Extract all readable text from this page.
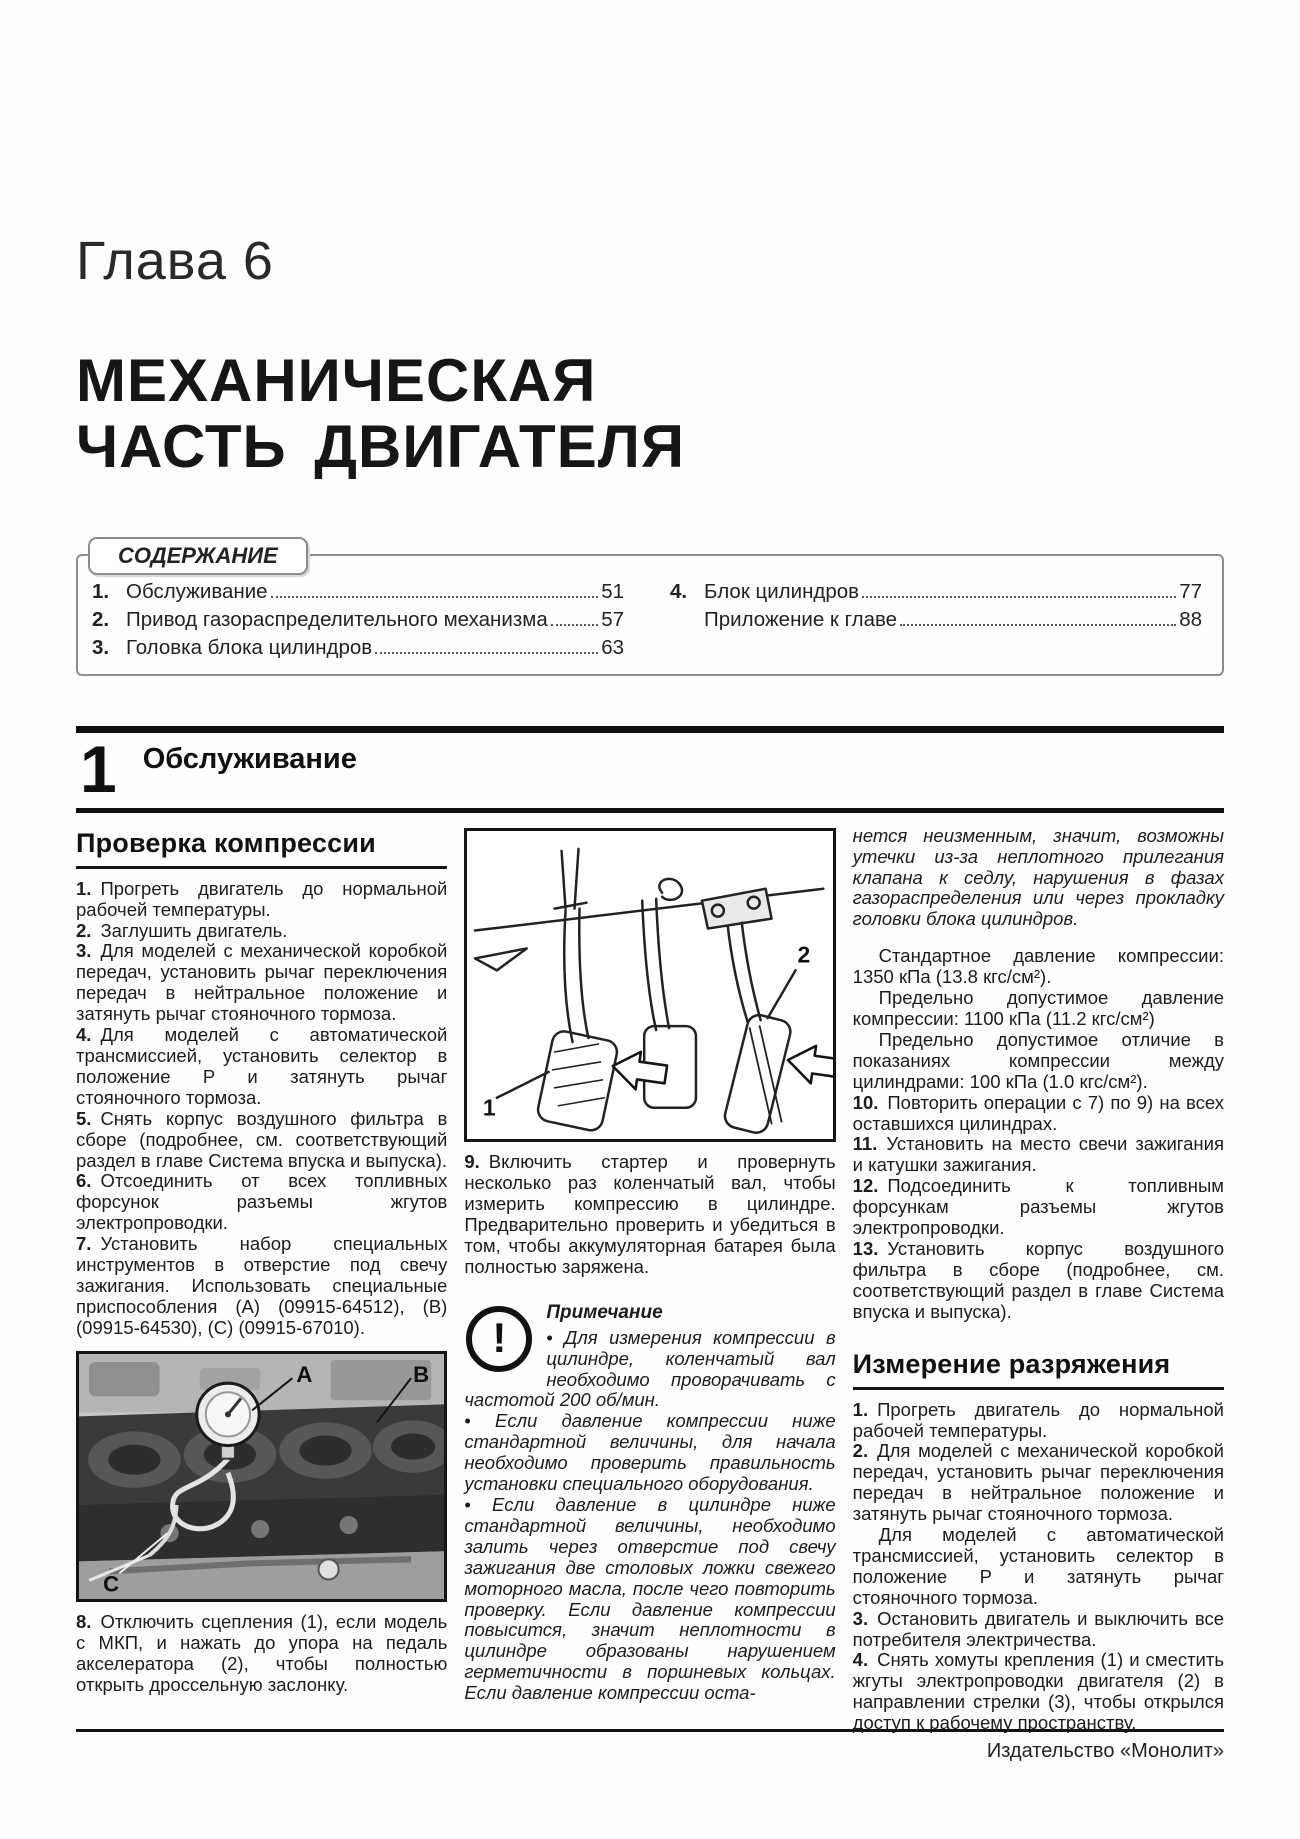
Глава 6
МЕХАНИЧЕСКАЯ
ЧАСТЬ ДВИГАТЕЛЯ
СОДЕРЖАНИЕ
1. Обслуживание	51
2. Привод газораспределительного механизма	57
3. Головка блока цилиндров	63
4. Блок цилиндров	77
Приложение к главе	88
1 Обслуживание
Проверка компрессии

1. Прогреть двигатель до нормальной рабочей температуры.

2. Заглушить двигатель.

3. Для моделей с механической коробкой передач, установить рычаг переключения передач в нейтральное положение и затянуть рычаг стояночного тормоза.

4. Для моделей с автоматической трансмиссией, установить селектор в положение P и затянуть рычаг стояночного тормоза.

5. Снять корпус воздушного фильтра в сборе (подробнее, см. соответствующий раздел в главе Система впуска и выпуска).

6. Отсоединить от всех топливных форсунок разъемы жгутов электропроводки.

7. Установить набор специальных инструментов в отверстие под свечу зажигания. Использовать специальные приспособления (A) (09915-64512), (B) (09915-64530), (C) (09915-67010).

A	B
C

8. Отключить сцепления (1), если модель с МКП, и нажать до упора на педаль акселератора (2), чтобы полностью открыть дроссельную заслонку.

1
2

9. Включить стартер и провернуть несколько раз коленчатый вал, чтобы измерить компрессию в цилиндре. Предварительно проверить и убедиться в том, чтобы аккумуляторная батарея была полностью заряжена.

!
Примечание

• Для измерения компрессии в цилиндре, коленчатый вал необходимо проворачивать с частотой 200 об/мин.

• Если давление компрессии ниже стандартной величины, для начала необходимо проверить правильность установки специального оборудования.

• Если давление в цилиндре ниже стандартной величины, необходимо залить через отверстие под свечу зажигания две столовых ложки свежего моторного масла, после чего повторить проверку. Если давление компрессии повысится, значит неплотности в цилиндре образованы нарушением герметичности в поршневых кольцах. Если давление компрессии оста-

нется неизменным, значит, возможны утечки из-за неплотного прилегания клапана к седлу, нарушения в фазах газораспределения или через прокладку головки блока цилиндров.

Стандартное давление компрессии: 1350 кПа (13.8 кгс/см²).

Предельно допустимое давление компрессии: 1100 кПа (11.2 кгс/см²)

Предельно допустимое отличие в показаниях компрессии между цилиндрами: 100 кПа (1.0 кгс/см²).

10. Повторить операции с 7) по 9) на всех оставшихся цилиндрах.

11. Установить на место свечи зажигания и катушки зажигания.

12. Подсоединить к топливным форсункам разъемы жгутов электропроводки.

13. Установить корпус воздушного фильтра в сборе (подробнее, см. соответствующий раздел в главе Система впуска и выпуска).

Измерение разряжения

1. Прогреть двигатель до нормальной рабочей температуры.

2. Для моделей с механической коробкой передач, установить рычаг переключения передач в нейтральное положение и затянуть рычаг стояночного тормоза.

Для моделей с автоматической трансмиссией, установить селектор в положение P и затянуть рычаг стояночного тормоза.

3. Остановить двигатель и выключить все потребителя электричества.

4. Снять хомуты крепления (1) и сместить жгуты электропроводки двигателя (2) в направлении стрелки (3), чтобы открылся доступ к рабочему пространству.

Издательство «Монолит»
